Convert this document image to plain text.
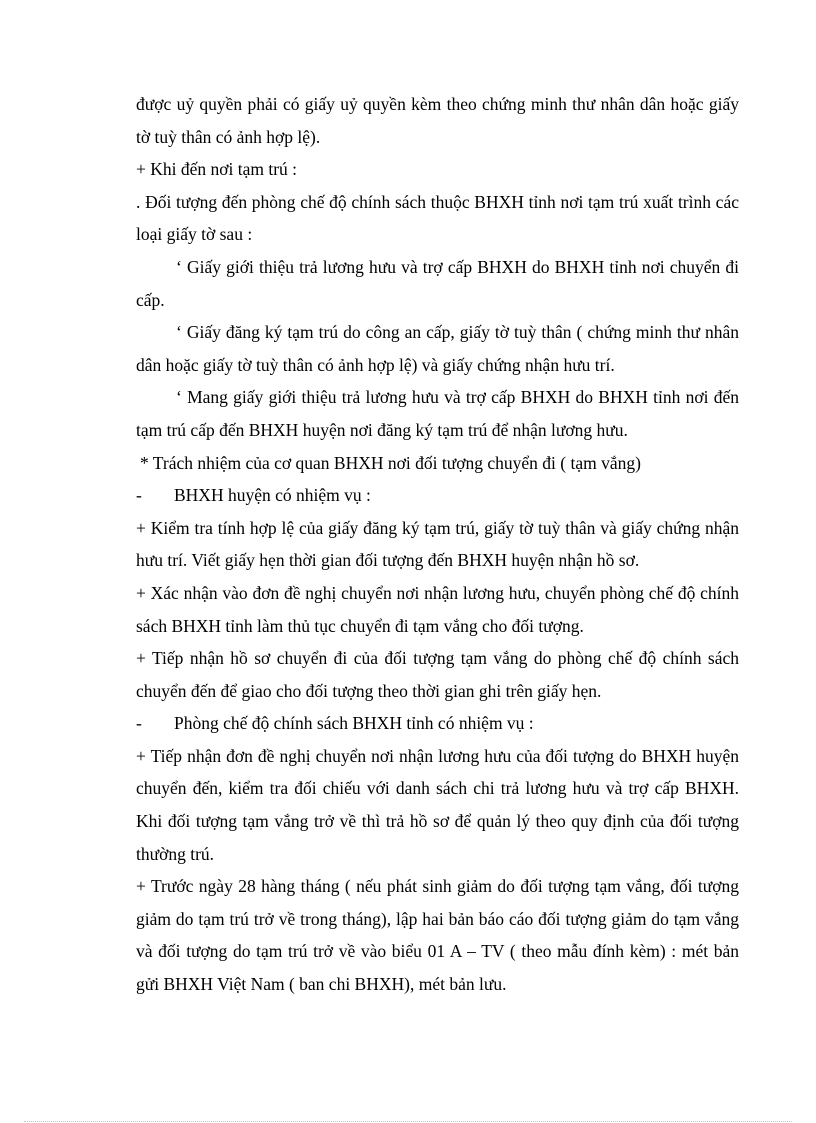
được uỷ quyền phải có giấy uỷ quyền kèm theo chứng minh thư nhân dân hoặc giấy tờ tuỳ thân có ảnh hợp lệ).

+ Khi đến nơi tạm trú :

. Đối tượng đến phòng chế độ chính sách thuộc BHXH tỉnh nơi tạm trú xuất trình các loại giấy tờ sau :

‘ Giấy giới thiệu trả lương hưu và trợ cấp BHXH do BHXH tỉnh nơi chuyển đi cấp.

‘ Giấy đăng ký tạm trú do công an cấp, giấy tờ tuỳ thân ( chứng minh thư nhân dân hoặc giấy tờ tuỳ thân có ảnh hợp lệ) và giấy chứng nhận hưu trí.

‘ Mang giấy giới thiệu trả lương hưu và trợ cấp BHXH do BHXH tỉnh nơi đến tạm trú cấp đến BHXH huyện nơi đăng ký tạm trú để nhận lương hưu.

* Trách nhiệm của cơ quan BHXH nơi đối tượng chuyển đi ( tạm vắng)

-	BHXH huyện có nhiệm vụ :

+ Kiểm tra tính hợp lệ của giấy đăng ký tạm trú, giấy tờ tuỳ thân và giấy chứng nhận hưu trí. Viết giấy hẹn thời gian đối tượng đến BHXH huyện nhận hồ sơ.

+ Xác nhận vào đơn đề nghị chuyển nơi nhận lương hưu, chuyển phòng chế độ chính sách BHXH tỉnh làm thủ tục chuyển đi tạm vắng cho đối tượng.

+ Tiếp nhận hồ sơ chuyển đi của đối tượng tạm vắng do phòng chế độ chính sách chuyển đến để giao cho đối tượng theo thời gian ghi trên giấy hẹn.

-	Phòng chế độ chính sách BHXH tỉnh có nhiệm vụ :

+ Tiếp nhận đơn đề nghị chuyển nơi nhận lương hưu của đối tượng do BHXH huyện chuyển đến, kiểm tra đối chiếu với danh sách chi trả lương hưu và trợ cấp BHXH. Khi đối tượng tạm vắng trở về thì trả hồ sơ để quản lý theo quy định của đối tượng thường trú.

+ Trước ngày 28 hàng tháng ( nếu phát sinh giảm do đối tượng tạm vắng, đối tượng giảm do tạm trú trở về trong tháng), lập hai bản báo cáo đối tượng giảm do tạm vắng và đối tượng do tạm trú trở về vào biểu 01 A – TV ( theo mẫu đính kèm) : mét bản gửi BHXH Việt Nam ( ban chi BHXH), mét bản lưu.
